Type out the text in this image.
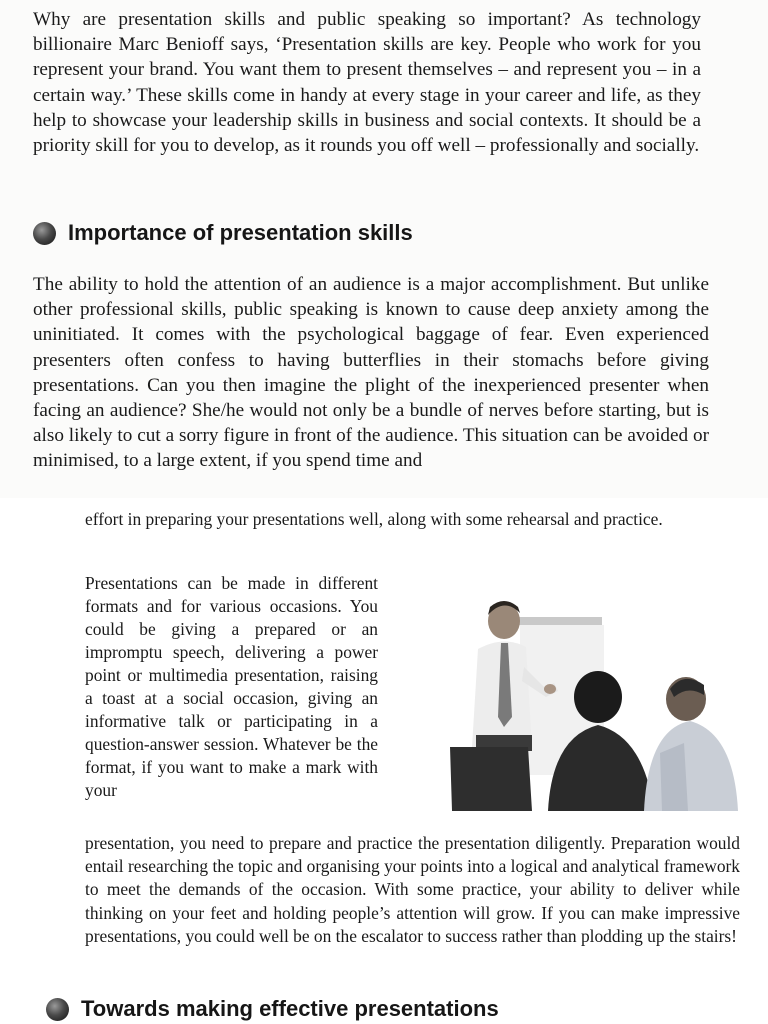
Why are presentation skills and public speaking so important? As technology billionaire Marc Benioff says, ‘Presentation skills are key. People who work for you represent your brand. You want them to present themselves – and represent you – in a certain way.’ These skills come in handy at every stage in your career and life, as they help to showcase your leadership skills in business and social contexts. It should be a priority skill for you to develop, as it rounds you off well – professionally and socially.

Importance of presentation skills

The ability to hold the attention of an audience is a major accomplishment. But unlike other professional skills, public speaking is known to cause deep anxiety among the uninitiated. It comes with the psychological baggage of fear. Even experienced presenters often confess to having butterflies in their stomachs before giving presentations. Can you then imagine the plight of the inexperienced presenter when facing an audience? She/he would not only be a bundle of nerves before starting, but is also likely to cut a sorry figure in front of the audience. This situation can be avoided or minimised, to a large extent, if you spend time and

effort in preparing your presentations well, along with some rehearsal and practice.

Presentations can be made in different formats and for various occasions. You could be giving a prepared or an impromptu speech, delivering a power point or multimedia presentation, raising a toast at a social occasion, giving an informative talk or participating in a question-answer session. Whatever be the format, if you want to make a mark with your

presentation, you need to prepare and practice the presentation diligently. Preparation would entail researching the topic and organising your points into a logical and analytical framework to meet the demands of the occasion. With some practice, your ability to deliver while thinking on your feet and holding people’s attention will grow. If you can make impressive presentations, you could well be on the escalator to success rather than plodding up the stairs!

Towards making effective presentations
